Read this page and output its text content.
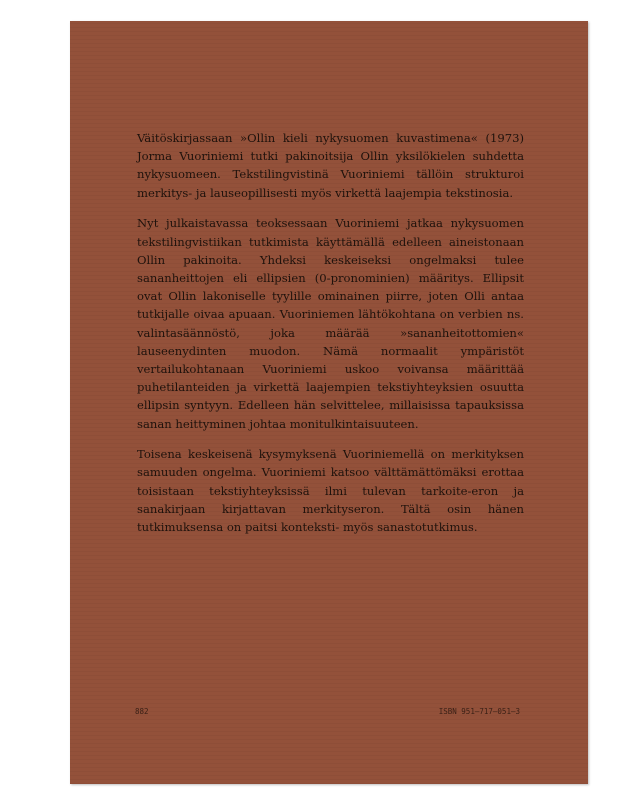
Väitöskirjassaan »Ollin kieli nykysuomen kuvastimena« (1973) Jorma Vuoriniemi tutki pakinoitsija Ollin yksilökielen suhdetta nykysuomeen. Tekstilingvistinä Vuoriniemi tällöin strukturoi merkitys- ja lauseopillisesti myös virkettä laajempia tekstinosia.

Nyt julkaistavassa teoksessaan Vuoriniemi jatkaa nykysuomen tekstilingvistiikan tutkimista käyttämällä edelleen aineistonaan Ollin pakinoita. Yhdeksi keskeiseksi ongelmaksi tulee sananheittojen eli ellipsien (0-pronominien) määritys. Ellipsit ovat Ollin lakoniselle tyylille ominainen piirre, joten Olli antaa tutkijalle oivaa apuaan. Vuoriniemen lähtökohtana on verbien ns. valintasäännöstö, joka määrää »sananheitottomien« lauseenydinten muodon. Nämä normaalit ympäristöt vertailukohtanaan Vuoriniemi uskoo voivansa määrittää puhetilanteiden ja virkettä laajempien tekstiyhteyksien osuutta ellipsin syntyyn. Edelleen hän selvittelee, millaisissa tapauksissa sanan heittyminen johtaa monitulkintaisuuteen.

Toisena keskeisenä kysymyksenä Vuoriniemellä on merkityksen samuuden ongelma. Vuoriniemi katsoo välttämättömäksi erottaa toisistaan tekstiyhteyksissä ilmi tulevan tarkoite-eron ja sanakirjaan kirjattavan merkityseron. Tältä osin hänen tutkimuksensa on paitsi konteksti- myös sanastotutkimus.

882	ISBN 951—717—051—3
